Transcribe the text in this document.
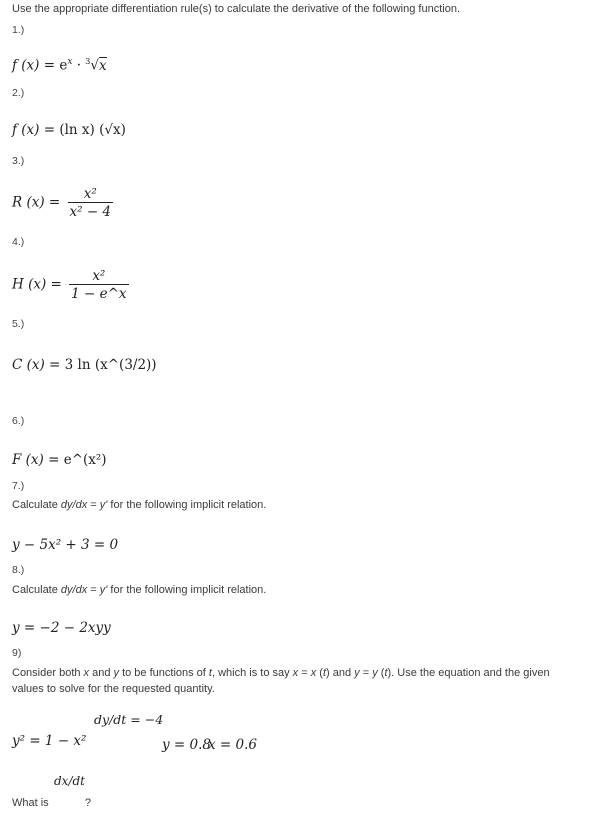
Use the appropriate differentiation rule(s) to calculate the derivative of the following function.
1.)
f $(x) = e^x \cdot ^3√x$
2.)
f (x) = (ln x) (√x)
3.)
R $(x) = \frac{\text{x²}}{\text{x² − 4}}$
4.)
H $(x) = \frac{\text{x²}}{1 - e\^{}x}$
5.)
C (x) = 3 ln (x^(3/2))
6.)
F (x) = e^(x²)
7.)
Calculate dy/dx = y' for the following implicit relation.
y − 5x² + 3 = 0
8.)
Calculate dy/dx = y' for the following implicit relation.
y = −2 − 2xyy
9)
Consider both x and y to be functions of t, which is to say x = x (t) and y = y (t). Use the equation and the given values to solve for the requested quantity.
y² = 1 − x²
dy/dt = −4
y = 0.8
x = 0.6
dx/dt
What is	?
